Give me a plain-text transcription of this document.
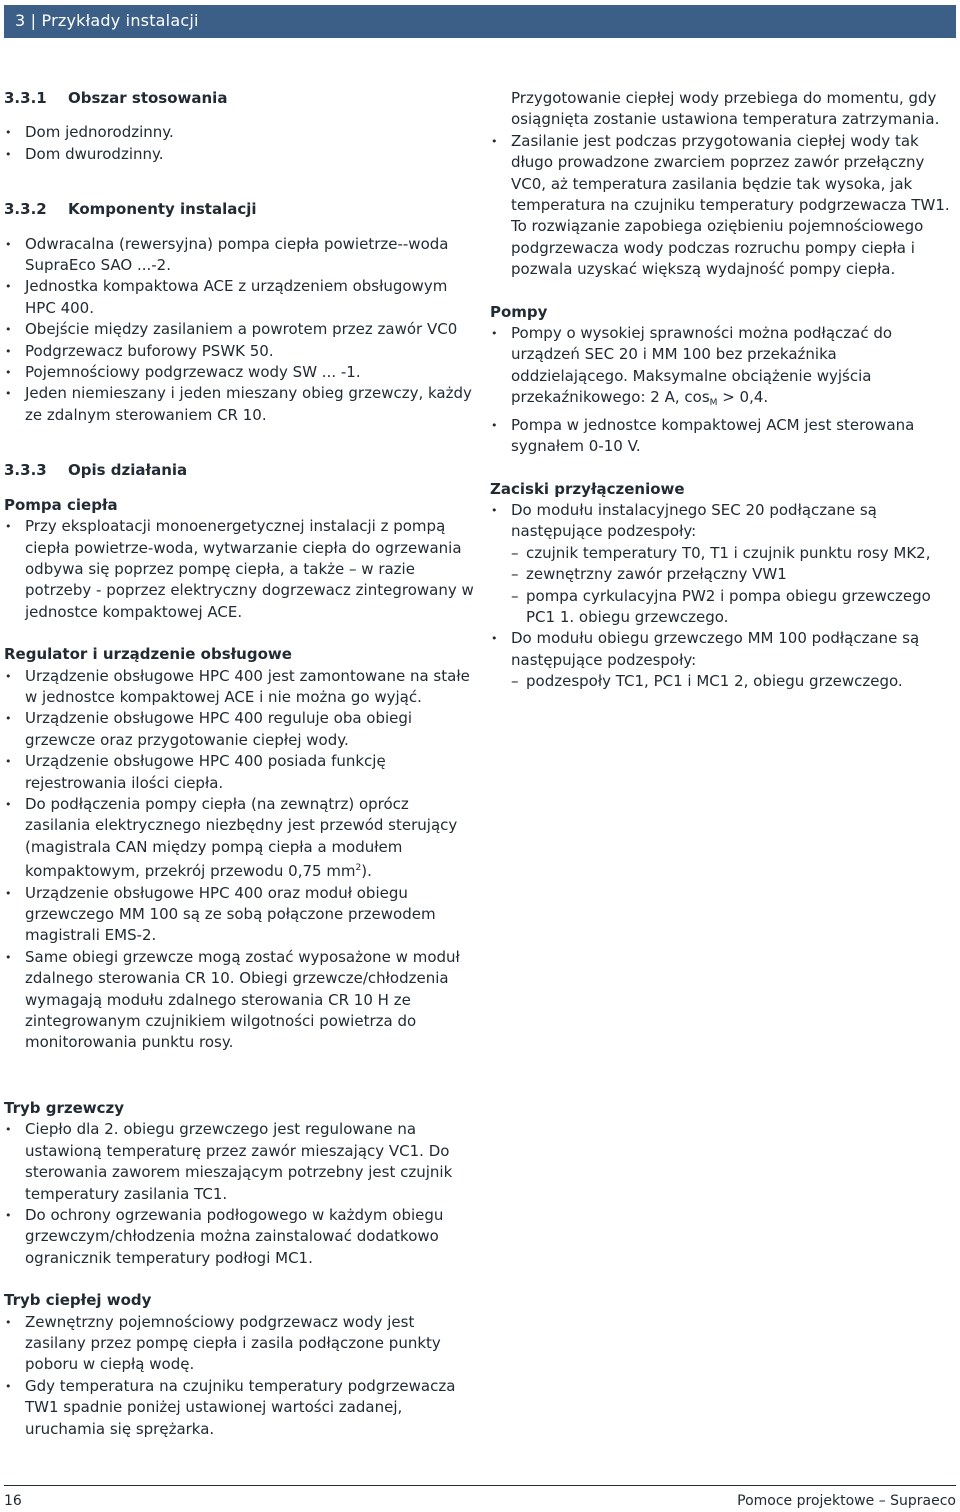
3 | Przykłady instalacji

3.3.1 Obszar stosowania

• Dom jednorodzinny.
• Dom dwurodzinny.

3.3.2 Komponenty instalacji

• Odwracalna (rewersyjna) pompa ciepła powietrze--woda SupraEco SAO ...-2.
• Jednostka kompaktowa ACE z urządzeniem obsługowym HPC 400.
• Obejście między zasilaniem a powrotem przez zawór VC0
• Podgrzewacz buforowy PSWK 50.
• Pojemnościowy podgrzewacz wody SW ... -1.
• Jeden niemieszany i jeden mieszany obieg grzewczy, każdy ze zdalnym sterowaniem CR 10.

3.3.3 Opis działania

Pompa ciepła

• Przy eksploatacji monoenergetycznej instalacji z pompą ciepła powietrze-woda, wytwarzanie ciepła do ogrzewania odbywa się poprzez pompę ciepła, a także – w razie potrzeby - poprzez elektryczny dogrzewacz zintegrowany w jednostce kompaktowej ACE.

Regulator i urządzenie obsługowe

• Urządzenie obsługowe HPC 400 jest zamontowane na stałe w jednostce kompaktowej ACE i nie można go wyjąć.
• Urządzenie obsługowe HPC 400 reguluje oba obiegi grzewcze oraz przygotowanie ciepłej wody.
• Urządzenie obsługowe HPC 400 posiada funkcję rejestrowania ilości ciepła.
• Do podłączenia pompy ciepła (na zewnątrz) oprócz zasilania elektrycznego niezbędny jest przewód sterujący (magistrala CAN między pompą ciepła a modułem kompaktowym, przekrój przewodu 0,75 $mm^2$).
• Urządzenie obsługowe HPC 400 oraz moduł obiegu grzewczego MM 100 są ze sobą połączone przewodem magistrali EMS-2.
• Same obiegi grzewcze mogą zostać wyposażone w moduł zdalnego sterowania CR 10. Obiegi grzewcze/chłodzenia wymagają modułu zdalnego sterowania CR 10 H ze zintegrowanym czujnikiem wilgotności powietrza do monitorowania punktu rosy.

Tryb grzewczy

• Ciepło dla 2. obiegu grzewczego jest regulowane na ustawioną temperaturę przez zawór mieszający VC1. Do sterowania zaworem mieszającym potrzebny jest czujnik temperatury zasilania TC1.
• Do ochrony ogrzewania podłogowego w każdym obiegu grzewczym/chłodzenia można zainstalować dodatkowo ogranicznik temperatury podłogi MC1.

Tryb ciepłej wody

• Zewnętrzny pojemnościowy podgrzewacz wody jest zasilany przez pompę ciepła i zasila podłączone punkty poboru w ciepłą wodę.
• Gdy temperatura na czujniku temperatury podgrzewacza TW1 spadnie poniżej ustawionej wartości zadanej, uruchamia się sprężarka.

Przygotowanie ciepłej wody przebiega do momentu, gdy osiągnięta zostanie ustawiona temperatura zatrzymania.

• Zasilanie jest podczas przygotowania ciepłej wody tak długo prowadzone zwarciem poprzez zawór przełączny VC0, aż temperatura zasilania będzie tak wysoka, jak temperatura na czujniku temperatury podgrzewacza TW1. To rozwiązanie zapobiega oziębieniu pojemnościowego podgrzewacza wody podczas rozruchu pompy ciepła i pozwala uzyskać większą wydajność pompy ciepła.

Pompy

• Pompy o wysokiej sprawności można podłączać do urządzeń SEC 20 i MM 100 bez przekaźnika oddzielającego. Maksymalne obciążenie wyjścia przekaźnikowego: 2 A, $\cos_M > 0,4$.
• Pompa w jednostce kompaktowej ACM jest sterowana sygnałem 0-10 V.

Zaciski przyłączeniowe

• Do modułu instalacyjnego SEC 20 podłączane są następujące podzespoły:
– czujnik temperatury T0, T1 i czujnik punktu rosy MK2,
– zewnętrzny zawór przełączny VW1
– pompa cyrkulacyjna PW2 i pompa obiegu grzewczego PC1 1. obiegu grzewczego.
• Do modułu obiegu grzewczego MM 100 podłączane są następujące podzespoły:
– podzespoły TC1, PC1 i MC1 2, obiegu grzewczego.
16	Pomoce projektowe – Supraeco
